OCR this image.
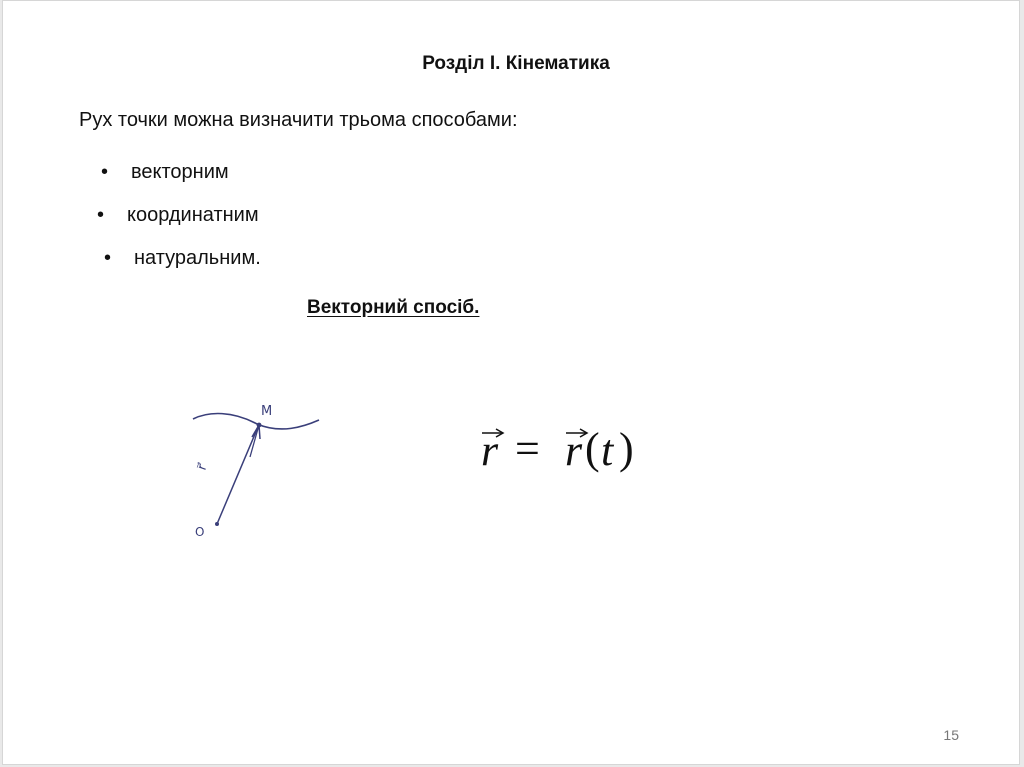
Розділ І. Кінематика
Рух точки можна визначити трьома способами:
• векторним
• координатним
• натуральним.
Векторний спосіб.
M
O
r⃗	r = r ( t )
15
